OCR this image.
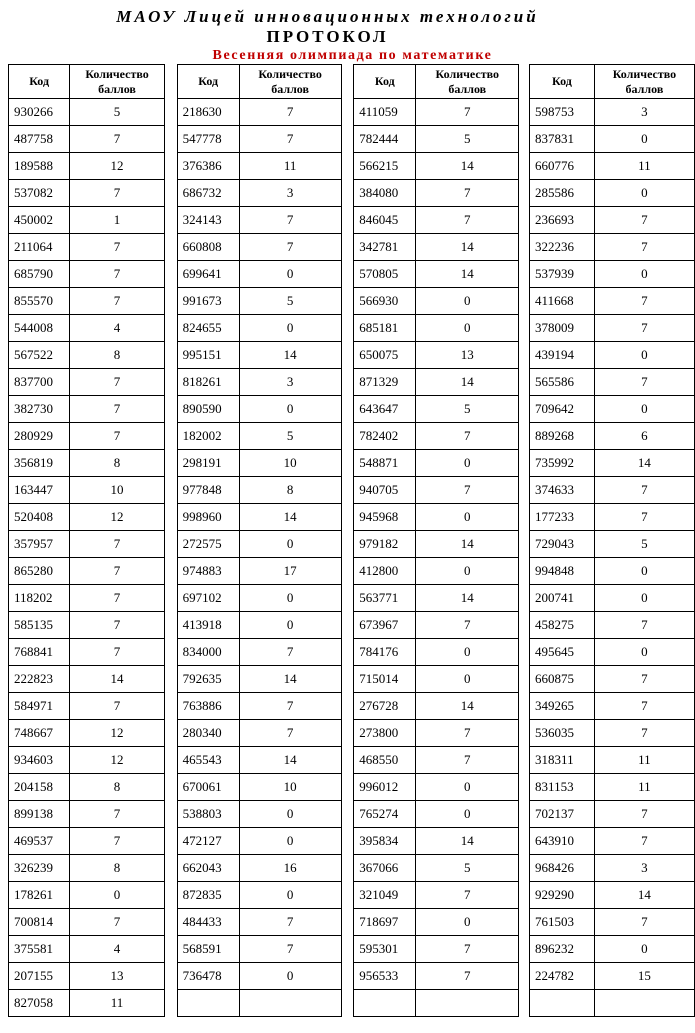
МАОУ Лицей инновационных технологий
ПРОТОКОЛ
Весенняя олимпиада по математике
Код	Количество
баллов		Код	Количество
баллов		Код	Количество
баллов		Код	Количество
баллов
930266	5		218630	7		411059	7		598753	3
487758	7		547778	7		782444	5		837831	0
189588	12		376386	11		566215	14		660776	11
537082	7		686732	3		384080	7		285586	0
450002	1		324143	7		846045	7		236693	7
211064	7		660808	7		342781	14		322236	7
685790	7		699641	0		570805	14		537939	0
855570	7		991673	5		566930	0		411668	7
544008	4		824655	0		685181	0		378009	7
567522	8		995151	14		650075	13		439194	0
837700	7		818261	3		871329	14		565586	7
382730	7		890590	0		643647	5		709642	0
280929	7		182002	5		782402	7		889268	6
356819	8		298191	10		548871	0		735992	14
163447	10		977848	8		940705	7		374633	7
520408	12		998960	14		945968	0		177233	7
357957	7		272575	0		979182	14		729043	5
865280	7		974883	17		412800	0		994848	0
118202	7		697102	0		563771	14		200741	0
585135	7		413918	0		673967	7		458275	7
768841	7		834000	7		784176	0		495645	0
222823	14		792635	14		715014	0		660875	7
584971	7		763886	7		276728	14		349265	7
748667	12		280340	7		273800	7		536035	7
934603	12		465543	14		468550	7		318311	11
204158	8		670061	10		996012	0		831153	11
899138	7		538803	0		765274	0		702137	7
469537	7		472127	0		395834	14		643910	7
326239	8		662043	16		367066	5		968426	3
178261	0		872835	0		321049	7		929290	14
700814	7		484433	7		718697	0		761503	7
375581	4		568591	7		595301	7		896232	0
207155	13		736478	0		956533	7		224782	15
827058	11									
